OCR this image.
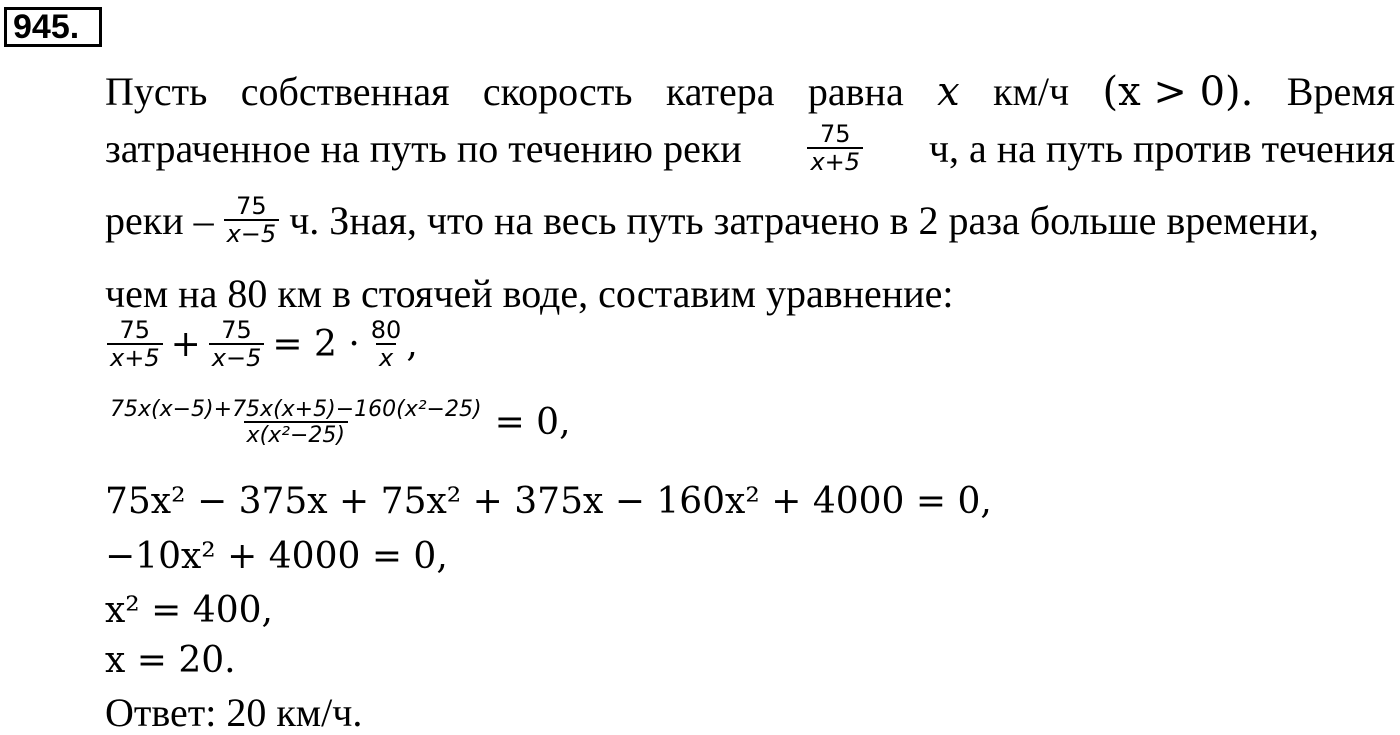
945.
Пусть собственная скорость катера равна x км/ч (x > 0). Время
затраченное на путь по течению реки	$\frac{75}{x+5} ч$, а на путь против течения
реки – $\frac{75}{x-5} ч$. Зная, что на весь путь затрачено в 2 раза больше времени,
чем на 80 км в стоячей воде, составим уравнение:
$\frac{75}{x+5} + \frac{75}{x-5} = 2 \cdot \frac{80}{x}$ ,
$\frac{\text{75x(x−5)+75x(x+5)−160(x²−25)}}{\text{x(x²−25)}} = 0$,
75x² − 375x + 75x² + 375x − 160x² + 4000 = 0,
−10x² + 4000 = 0,
x² = 400,
x = 20.
Ответ: 20 км/ч.
